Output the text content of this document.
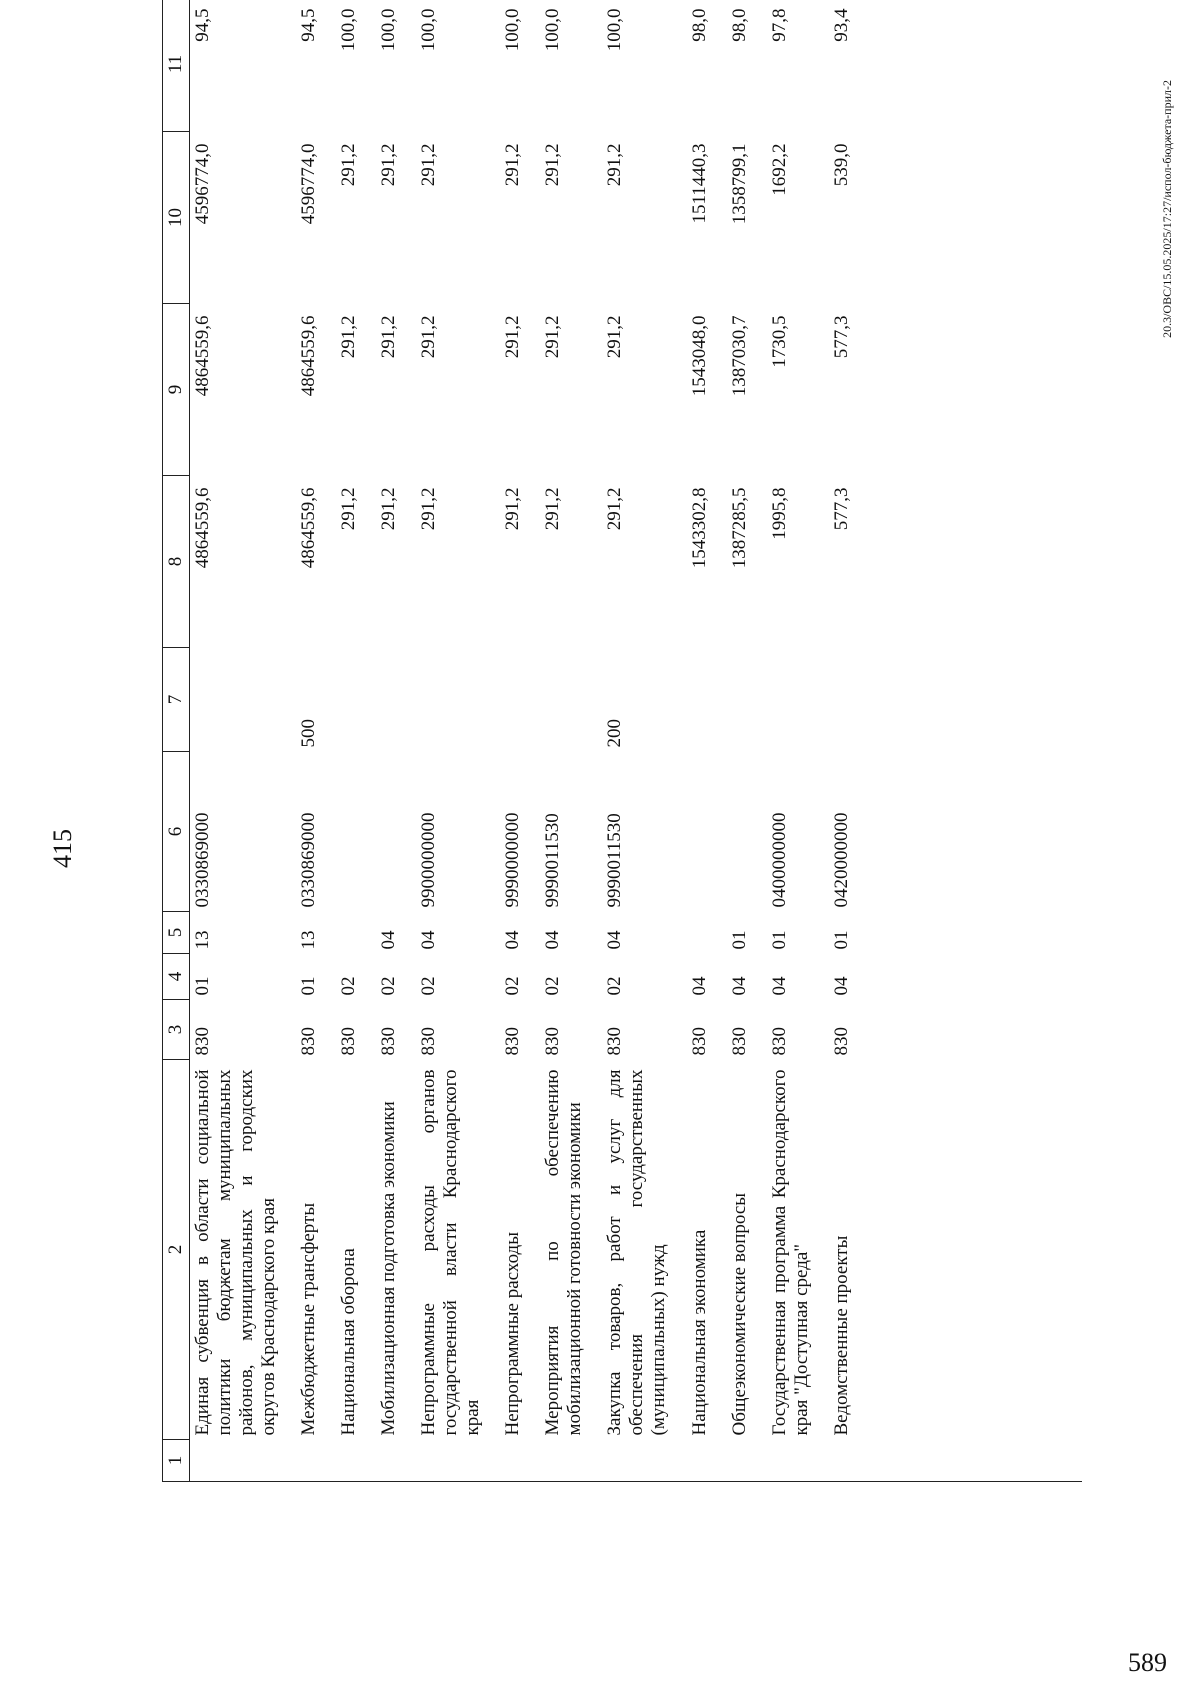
415
1	2	3	4	5	6	7	8	9	10	11
	Единая субвенция в области социальной политики бюджетам муниципальных районов, муниципальных и городских округов Краснодарского края	830	01	13	0330869000		4864559,6	4864559,6	4596774,0	94,5
	Межбюджетные трансферты	830	01	13	0330869000	500	4864559,6	4864559,6	4596774,0	94,5
	Национальная оборона	830	02				291,2	291,2	291,2	100,0
	Мобилизационная подготовка экономики	830	02	04			291,2	291,2	291,2	100,0
	Непрограммные расходы органов государственной власти Краснодарского края	830	02	04	9900000000		291,2	291,2	291,2	100,0
	Непрограммные расходы	830	02	04	9990000000		291,2	291,2	291,2	100,0
	Мероприятия по обеспечению мобилизационной готовности экономики	830	02	04	9990011530		291,2	291,2	291,2	100,0
	Закупка товаров, работ и услуг для обеспечения государственных (муниципальных) нужд	830	02	04	9990011530	200	291,2	291,2	291,2	100,0
	Национальная экономика	830	04				1543302,8	1543048,0	1511440,3	98,0
	Общеэкономические вопросы	830	04	01			1387285,5	1387030,7	1358799,1	98,0
	Государственная программа Краснодарского края "Доступная среда"	830	04	01	0400000000		1995,8	1730,5	1692,2	97,8
	Ведомственные проекты	830	04	01	0420000000		577,3	577,3	539,0	93,4
20.3/ОВС/15.05.2025/17:27/испол-бюджета-прил-2
589
